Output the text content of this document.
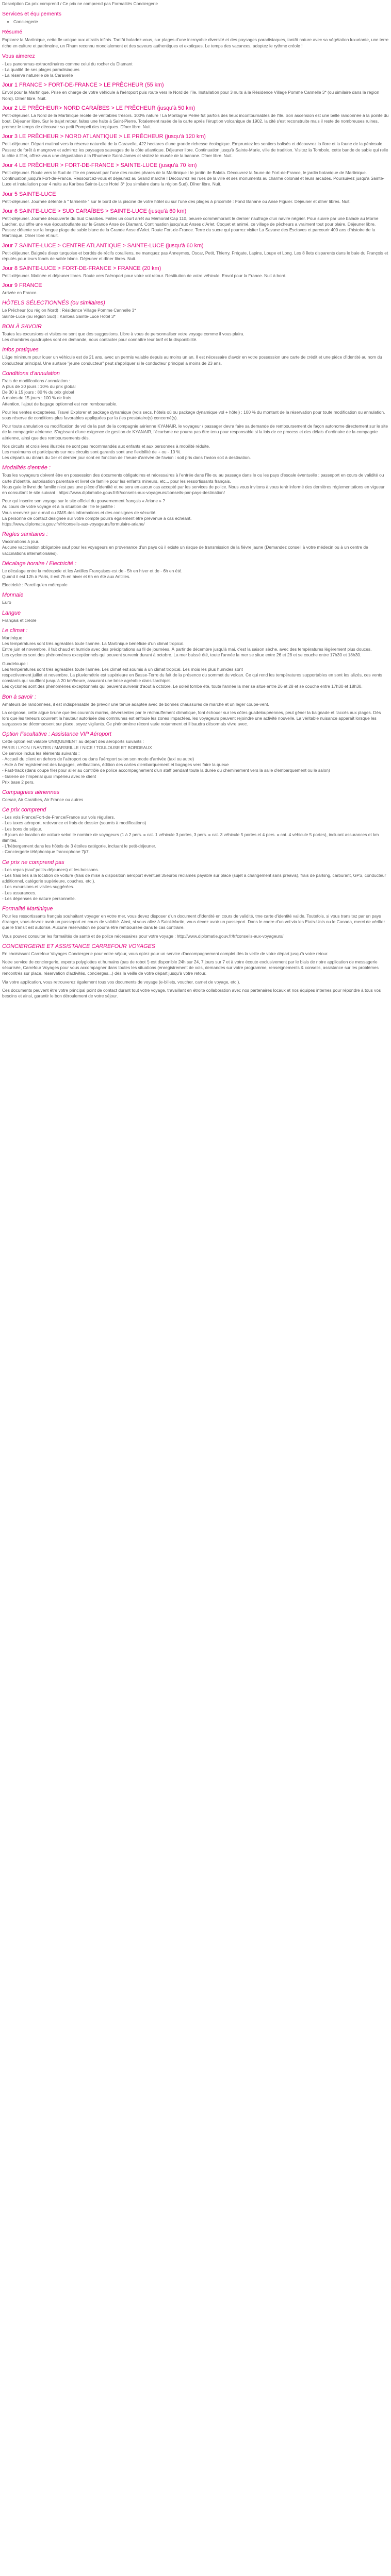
Description Ca prix comprend / Ce prix ne comprend pas Formalités Conciergerie

Services et équipements
• Conciergerie
Résumé

Explorez la Martinique, cette île unique aux attraits infinis. Tantôt baladez-vous, sur plages d'une incroyable diversité et des paysages paradisiaques, tantôt nature avec sa végétation luxuriante, une terre riche en culture et patrimoine, un Rhum reconnu mondialement et des saveurs authentiques et exotiques. Le temps des vacances, adoptez le rythme créole !

Vous aimerez

- Les panoramas extraordinaires comme celui du rocher du Diamant

- La qualité de ses plages paradisiaques

- La réserve naturelle de la Caravelle

Jour 1 FRANCE > FORT-DE-FRANCE > LE PRÊCHEUR (55 km)

Envol pour la Martinique. Prise en charge de votre véhicule à l'aéroport puis route vers le Nord de l'île. Installation pour 3 nuits à la Résidence Village Pomme Cannelle 3* (ou similaire dans la région Nord). Dîner libre. Nuit.

Jour 2 LE PRÊCHEUR> NORD CARAÏBES > LE PRÊCHEUR (jusqu'à 50 km)

Petit-déjeuner. La Nord de la Martinique recèle de véritables trésors. 100% nature ! La Montagne Pelée fut parfois des lieux incontournables de l'île. Son ascension est une belle randonnée à la pointe du bout. Déjeuner libre. Sur le trajet retour, faites une halte à Saint-Pierre. Totalement rasée de la carte après l'éruption volcanique de 1902, la cité s'est reconstruite mais il reste de nombreuses ruines, promez le temps de découvrir sa petit Pompeii des tropiques. Dîner libre. Nuit.

Jour 3 LE PRÊCHEUR > NORD ATLANTIQUE > LE PRÊCHEUR (jusqu'à 120 km)

Petit-déjeuner. Départ matinal vers la réserve naturelle de la Caravelle, 422 hectares d'une grande richesse écologique. Empruntez les sentiers balisés et découvrez la flore et la faune de la péninsule. Passez de forêt à mangrove et admirez les paysages sauvages de la côte atlantique. Déjeuner libre. Continuation jusqu'à Sainte-Marie, ville de tradition. Visitez la Tombolo, cette bande de sable qui relie la côte à l'îlet, offrez-vous une dégustation à la Rhumerie Saint-James et visitez le musée de la banane. Dîner libre. Nuit.

Jour 4 LE PRÊCHEUR > FORT-DE-FRANCE > SAINTE-LUCE (jusqu'à 70 km)

Petit-déjeuner. Route vers le Sud de l'île en passant par l'une des routes phares de la Martinique : le jardin de Balata. Découvrez la faune de Fort-de-France, le jardin botanique de Martinique. Continuation jusqu'à Fort-de-France. Ressourcez-vous et déjeunez au Grand marché ! Découvrez les rues de la ville et ses monuments au charme colonial et leurs arcades. Poursuivez jusqu'à Sainte-Luce et installation pour 4 nuits au Karibea Sainte-Luce Hotel 3* (ou similaire dans la région Sud). Dîner libre. Nuit.

Jour 5 SAINTE-LUCE

Petit-déjeuner. Journée détente à " farniente " sur le bord de la piscine de votre hôtel ou sur l'une des plages à proximité : Fond Banane ou Anse Figuier. Déjeuner et dîner libres. Nuit.

Jour 6 SAINTE-LUCE > SUD CARAÏBES > SAINTE-LUCE (jusqu'à 60 km)

Petit-déjeuner. Journée découverte du Sud Caraïbes. Faites un court arrêt au Mémorial Cap 110, oeuvre commémorant le dernier naufrage d'un navire négrier. Pour suivre par une balade au Morne Larcher, qui offre une vue époustouflante sur le Grande Anse de Diamant. Continuation jusqu'aux Anses d'Arlet. Coquet et animé, ce village de pêcheurs a vraiment tout pour plaire. Déjeuner libre. Passez détente sur la longue plage de sable blanc de la Grande Anse d'Arlet. Route Fort-de-France. Terre du sucre qui pourrez visiter La Savane des Esclaves et parcourir 400 ans d'histoire de la Martinique. Dîner libre et nuit.

Jour 7 SAINTE-LUCE > CENTRE ATLANTIQUE > SAINTE-LUCE (jusqu'à 60 km)

Petit-déjeuner. Baignés dieux turquoise et bordés de récifs coralliens, ne manquez pas Anneymes, Oscar, Petit, Thierry, Frégate, Lapins, Loupe et Long. Les 8 îlets disparents dans le baie du François et réputés pour leurs fonds de sable blanc. Déjeuner et dîner libres. Nuit.

Jour 8 SAINTE-LUCE > FORT-DE-FRANCE > FRANCE (20 km)

Petit-déjeuner. Matinée et déjeuner libres. Route vers l'aéroport pour votre vol retour. Restitution de votre véhicule. Envol pour la France. Nuit à bord.

Jour 9 FRANCE

Arrivée en France.

HÔTELS SÉLECTIONNÉS (ou similaires)

Le Prêcheur (ou région Nord) : Résidence Village Pomme Cannelle 3*

Sainte-Luce (ou région Sud) : Karibea Sainte-Luce Hotel 3*

BON À SAVOIR

Toutes les excursions et visites ne sont que des suggestions. Libre à vous de personnaliser votre voyage comme il vous plaira.

Les chambres quadruples sont en demande, nous contacter pour connaître leur tarif et la disponibilité.

Infos pratiques

L'âge minimum pour louer un véhicule est de 21 ans, avec un permis valable depuis au moins un an. Il est nécessaire d'avoir en votre possession une carte de crédit et une pièce d'identité au nom du conducteur principal. Une surtaxe "jeune conducteur" peut s'appliquer si le conducteur principal a moins de 23 ans.

Conditions d'annulation

Frais de modifications / annulation :

A plus de 30 jours : 10% du prix global

De 30 à 15 jours : 80 % du prix global

A moins de 15 jours : 100 % de frais

Attention, l'ajout de bagage optionnel est non remboursable.

Pour les ventes excepteées, Travel Explorer et package dynamique (vols secs, hôtels où ou package dynamique vol + hôtel) : 100 % du montant de la réservation pour toute modification ou annulation, sous réserve de conditions plus favorables appliquées par la (les prestataire(s) concerné(s).

Pour toute annulation ou modification de vol de la part de la compagnie aérienne KYANAIR, le voyageur / passager devra faire sa demande de remboursement de façon autonome directement sur le site de la compagnie aérienne. S'agissant d'une exigence de gestion de KYANAIR, l'écarisme ne pourra pas être tenu pour responsable si la lois de ce process et des délais d'ordinaire de la compagnie aérienne, ainsi que des remboursements dès.

Nos circuits et croisières illustrés ne sont pas recommandés aux enfants et aux personnes à mobilité réduite.

Les maximums et participants sur nos circuits sont garantis sont une flexibilité de + ou - 10 %.

Les départs ou dinars du 1er et dernier jour sont en fonction de l'heure d'arrivée de l'avion : soit pris dans l'avion soit à destination.

Modalités d'entrée :

Tous les voyageurs doivent être en possession des documents obligatoires et nécessaires à l'entrée dans l'île ou au passage dans le ou les pays d'escale éventuelle : passeport en cours de validité ou carte d'identité, autorisation parentale et livret de famille pour les enfants mineurs, etc... pour les ressortissants français.

Nous gaie le livret de famille n'est pas une pièce d'identité et ne sera en aucun cas accepté par les services de police. Nous vous invitons à vous tenir informé des dernières réglementations en vigueur en consultant le site suivant : https://www.diplomatie.gouv.fr/fr/conseils-aux-voyageurs/conseils-par-pays-destination/

Pour qui inscrire son voyage sur le site officiel du gouvernement français « Ariane » ?

Au cours de votre voyage et à la situation de l'île le justifie :

Vous recevrez par e-mail ou SMS des informations et des consignes de sécurité.

La personne de contact désignée sur votre compte pourra également être prévenue à cas échéant.

https://www.diplomatie.gouv.fr/fr/conseils-aux-voyageurs/formulaire-ariane/

Règles sanitaires :

Vaccinations à jour.

Aucune vaccination obligatoire sauf pour les voyageurs en provenance d'un pays où il existe un risque de transmission de la fièvre jaune (Demandez conseil à votre médecin ou à un centre de vaccinations internationales).

Décalage horaire / Electricité :

Le décalage entre la métropole et les Antilles Françaises est de - 5h en hiver et de - 6h en été.

Quand il est 12h à Paris, il est 7h en hiver et 6h en été aux Antilles.

Electricité : Pareil qu'en métropole

Monnaie

Euro

Langue

Français et créole

Le climat :

Martinique :

Les températures sont très agréables toute l'année. La Martinique bénéficie d'un climat tropical.

Entre juin et novembre, il fait chaud et humide avec des précipitations au fil de journées. À partir de décembre jusqu'à mai, c'est la saison sèche, avec des températures légèrement plus douces.

Les cyclones sont des phénomènes exceptionnels qui peuvent survenir durant à octobre. La mer baissé été, toute l'année la mer se situe entre 26 et 28 et se couche entre 17h30 et 18h30.

Guadeloupe :

Les températures sont très agréables toute l'année. Les climat est soumis à un climat tropical. Les mois les plus humides sont

respectivement juillet et novembre. La pluviométrie est supérieure en Basse-Terre du fait de la présence du sommet du volcan. Ce qui rend les températures supportables en sont les alizés, ces vents constants qui soufflent jusqu'à 20 km/heure, assurant une brise agréable dans l'archipel.

Les cyclones sont des phénomènes exceptionnels qui peuvent survenir d'aout à octobre. Le soleil tombe été, toute l'année la mer se situe entre 26 et 28 et se couche entre 17h30 et 18h30.

Bon à savoir :

Amateurs de randonnées, il est indispensable de prévoir une tenue adaptée avec de bonnes chaussures de marche et un léger coupe-vent.

La ceignose, cette algue brune que les courants marins, déversentes par le réchauffement climatique, font échouer sur les côtes guadeloupéennes, peut gêner la baignade et l'accès aux plages. Dès lors que les teneurs couvrent la hauteur autorisée des communes est enfouie les zones impactées, les voyageurs peuvent rejoindre une activité nouvelle. La véritable nuisance apparaît lorsque les sargasses se décomposent sur place, soyez vigilants. Ce phénomène récent varie notamment et il baudra désormais vivre avec.

Option Facultative : Assistance VIP Aéroport

Cette option est valable UNIQUEMENT au départ des aéroports suivants :

PARIS / LYON / NANTES / MARSEILLE / NICE / TOULOUSE ET BORDEAUX

Ce service inclus les éléments suivants :

- Accueil du client en dehors de l'aéroport ou dans l'aéroport selon son mode d'arrivée (taxi ou autre)

- Aide à l'enregistrement des bagages, vérifications, édition des cartes d'embarquement et bagages vers faire la queue

- Fast-track (dans coupe file) pour aller au contrôle de police accompagnement d'un staff pendant toute la durée du cheminement vers la salle d'embarquement ou le salon)

- Galerie de l'impérial quoi impérieu avec le client

Prix base 2 pers.

Compagnies aériennes

Corsair, Air Caraïbes, Air France ou autres

Ce prix comprend

- Les vols France/Fort-de-France/France sur vols réguliers.

- Les taxes aéroport, redevance et frais de dossier (soumis à modifications)

- Les bons de séjour.

- 8 jours de location de voiture selon le nombre de voyageurs (1 à 2 pers. = cat. 1 véhicule 3 portes, 3 pers. = cat. 3 véhicule 5 portes et 4 pers. = cat. 4 véhicule 5 portes), incluant assurances et km illimités.

- L'hébergement dans les hôtels de 3 étoiles catégorie, incluant le petit-déjeuner.

- Conciergerie téléphonique francophone 7j/7.

Ce prix ne comprend pas

- Les repas (sauf petits-déjeuners) et les boissons.

- Les frais liés à la location de voiture (frais de mise à disposition aéroport éventuel 35euros réclamés payable sur place (sujet à changement sans préavis), frais de parking, carburant, GPS, conducteur additionnel, catégorie supérieure, couches, etc.).

- Les excursions et visites suggérées.

- Les assurances.

- Les dépenses de nature personnelle.

Formalité Martinique

Pour les ressortissants français souhaitant voyager en votre mer, vous devez disposer d'un document d'identité en cours de validité, tme carte d'identité valide. Toutefois, si vous transitez par un pays étranger, vous devrez avoir un passeport en cours de validité. Ainsi, si vous allez à Saint-Martin, vous devez avoir un passeport. Dans le cadre d'un vol via les Etats-Unis ou le Canada, merci de vérifier que le transit est autorisé. Aucune réservation ne pourra être remboursée dans le cas contraire.

Vous pouvez consulter les formalités de santé et de police nécessaires pour votre voyage : http://www.diplomatie.gouv.fr/fr/conseils-aux-voyageurs/

CONCIERGERIE ET ASSISTANCE CARREFOUR VOYAGES

En choisissant Carrefour Voyages Conciergerie pour votre séjour, vous optez pour un service d'accompagnement complet dès la veille de votre départ jusqu'à votre retour.

Notre service de conciergerie, experts polyglottes et humains (pas de robot !) est disponible 24h sur 24, 7 jours sur 7 et à votre écoute exclusivement par le biais de notre application de messagerie sécurisée, Carrefour Voyages pour vous accompagner dans toutes les situations (enregistrement de vols, demandes sur votre programme, renseignements & conseils, assistance sur les problèmes rencontrés sur place, réservation d'activités, concierges...) dès la veille de votre départ jusqu'à votre retour.

Via votre application, vous retrouverez également tous vos documents de voyage (e-billets, voucher, carnet de voyage, etc.).

Ces documents peuvent être votre principal point de contact durant tout votre voyage, travaillant en étroite collaboration avec nos partenaires locaux et nos équipes internes pour répondre à tous vos besoins et ainsi, garantir le bon déroulement de votre séjour.
